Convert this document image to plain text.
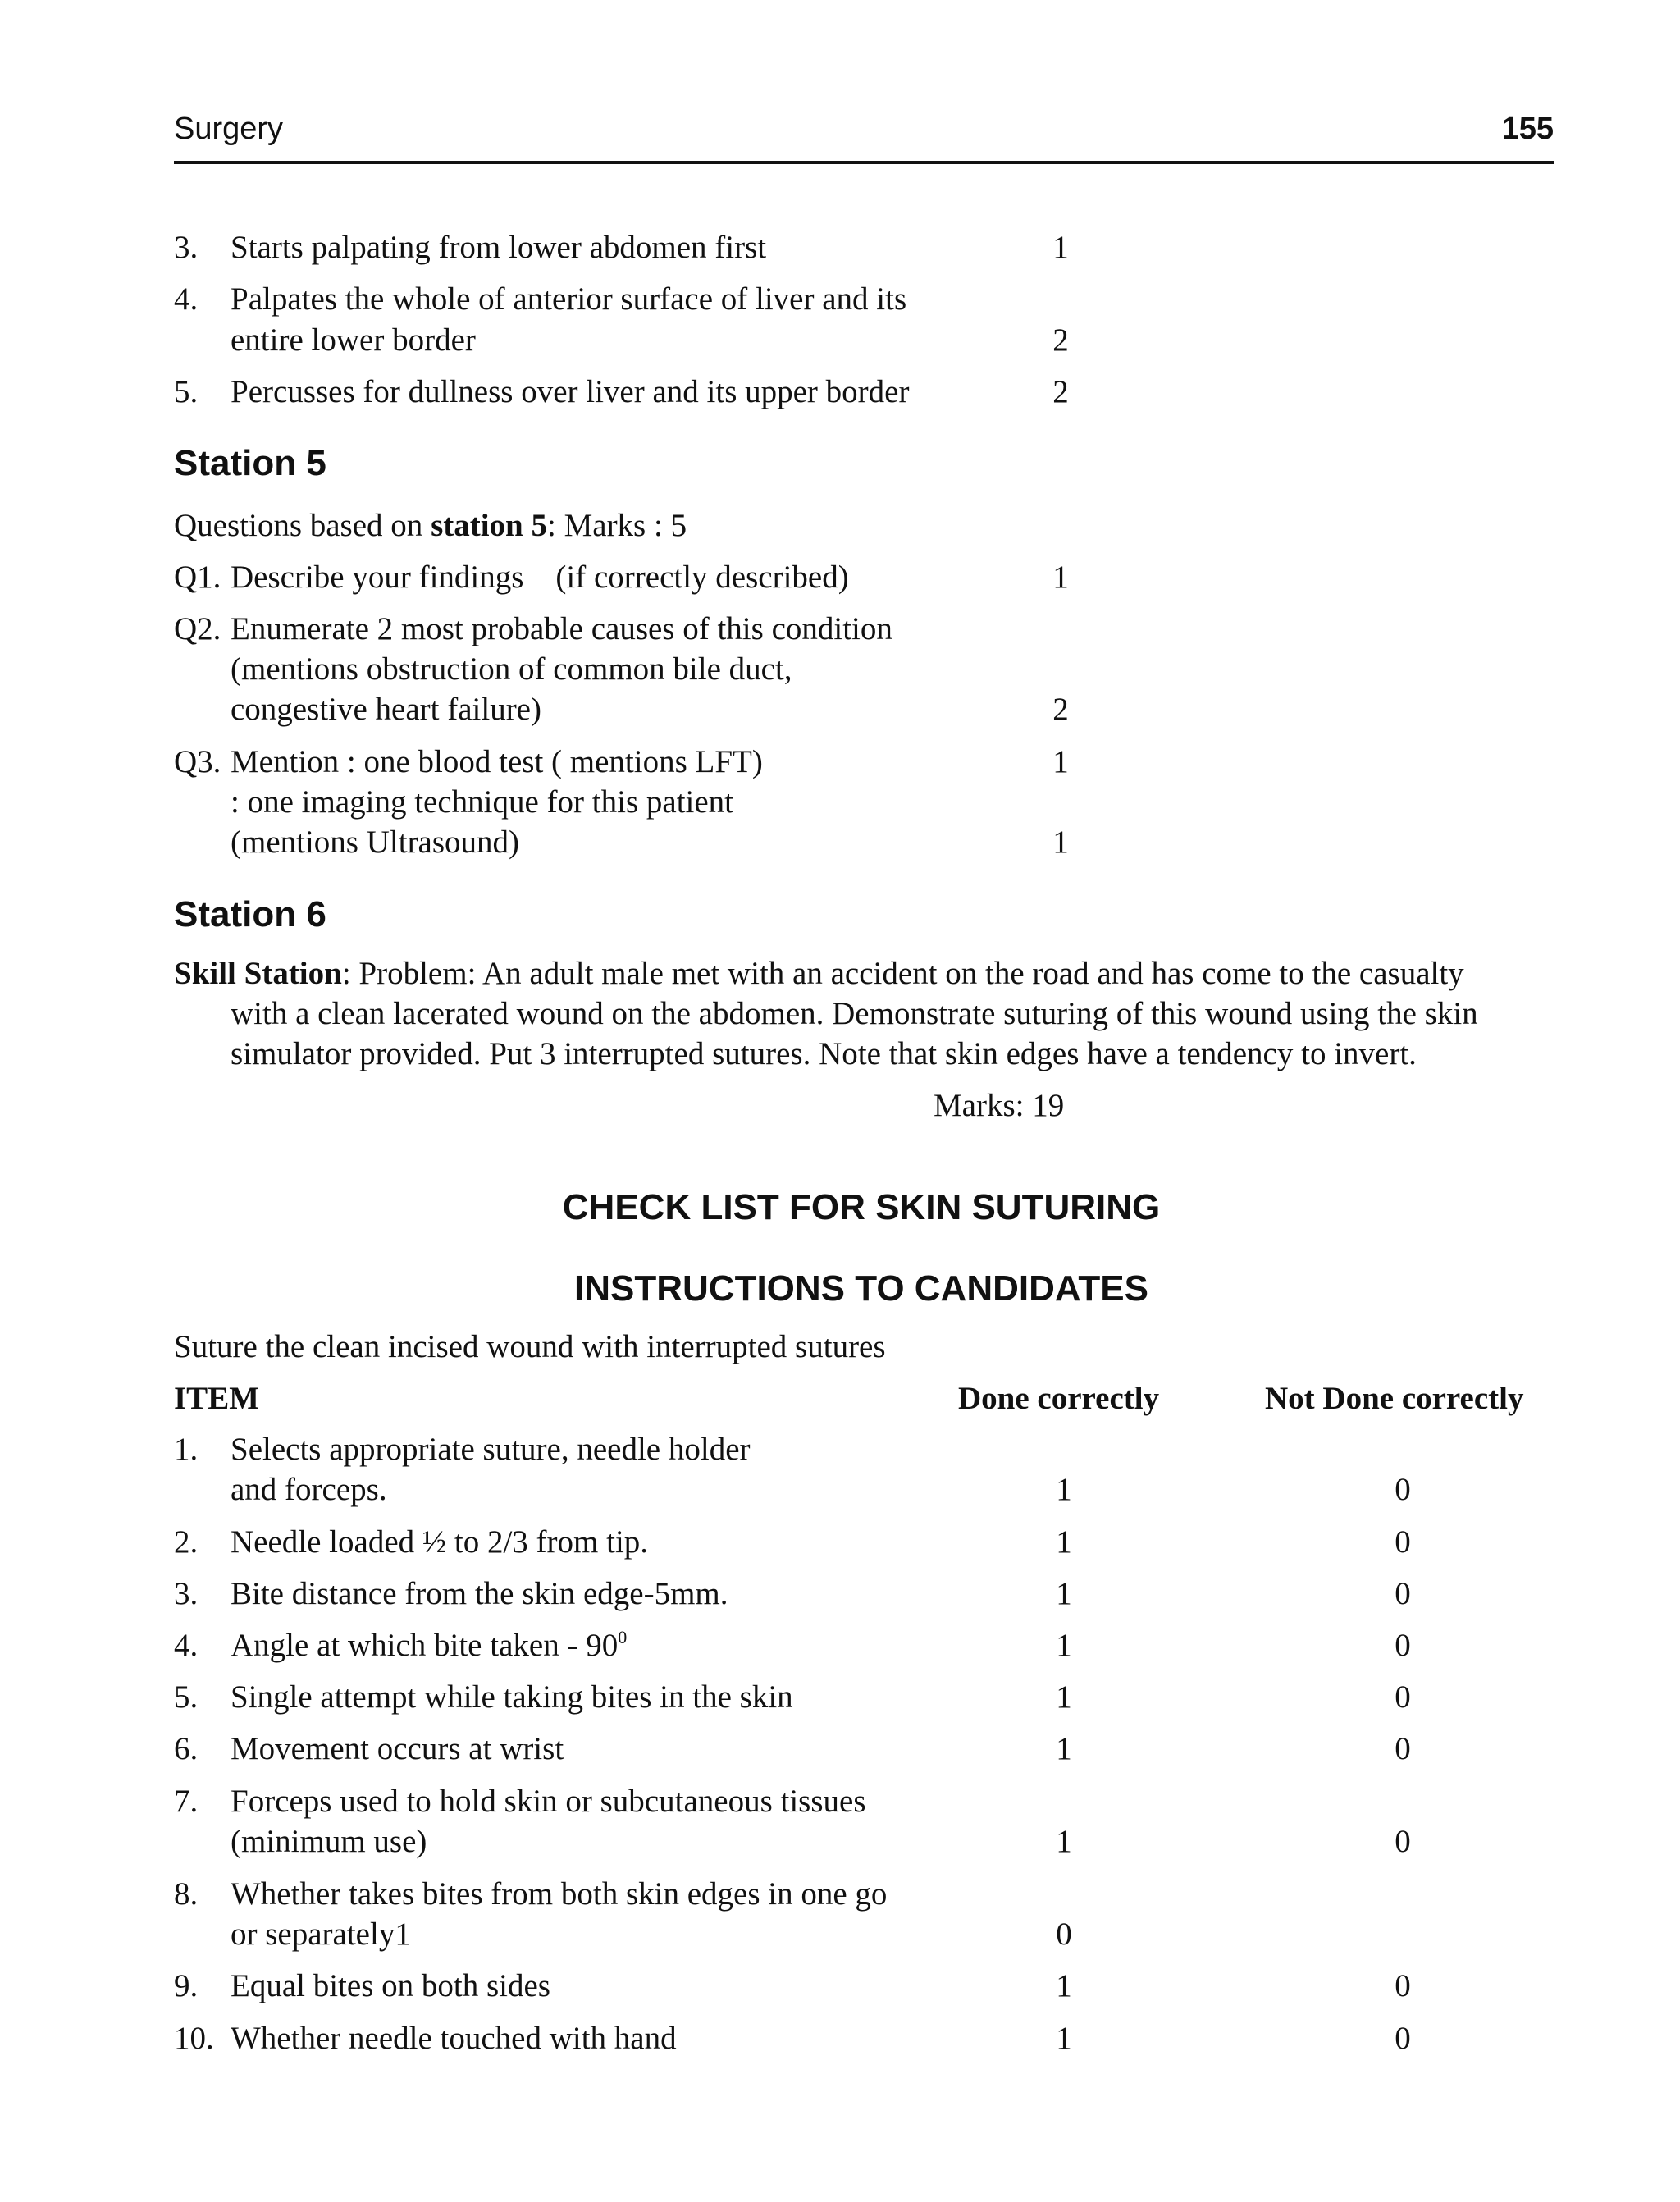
Surgery	155
3.	Starts palpating from lower abdomen first	1
4.	Palpates the whole of anterior surface of liver and its
entire lower border	2
5.	Percusses for dullness over liver and its upper border	2
Station 5
Questions based on station 5: Marks : 5
Q1. Describe your findings    (if correctly described)	1
Q2. Enumerate 2 most probable causes of this condition
(mentions obstruction of common bile duct,
congestive heart failure)	2
Q3. Mention : one blood test ( mentions LFT)	1
: one imaging technique for this patient
(mentions Ultrasound)	1
Station 6
Skill Station: Problem: An adult male met with an accident on the road and has come to the casualty
with a clean lacerated wound on the abdomen. Demonstrate suturing of this wound using the skin
simulator provided. Put 3 interrupted sutures. Note that skin edges have a tendency to invert.
Marks: 19
CHECK LIST FOR SKIN SUTURING
INSTRUCTIONS TO CANDIDATES
Suture the clean incised wound with interrupted sutures
ITEM	Done correctly	Not Done correctly
1. Selects appropriate suture, needle holder
and forceps.	1	0
2. Needle loaded ½ to 2/3 from tip.	1	0
3. Bite distance from the skin edge-5mm.	1	0
4. Angle at which bite taken - $90^0$	1	0
5. Single attempt while taking bites in the skin	1	0
6. Movement occurs at wrist	1	0
7. Forceps used to hold skin or subcutaneous tissues
(minimum use)	1	0
8. Whether takes bites from both skin edges in one go
or separately1	0
9. Equal bites on both sides	1	0
10. Whether needle touched with hand	1	0
